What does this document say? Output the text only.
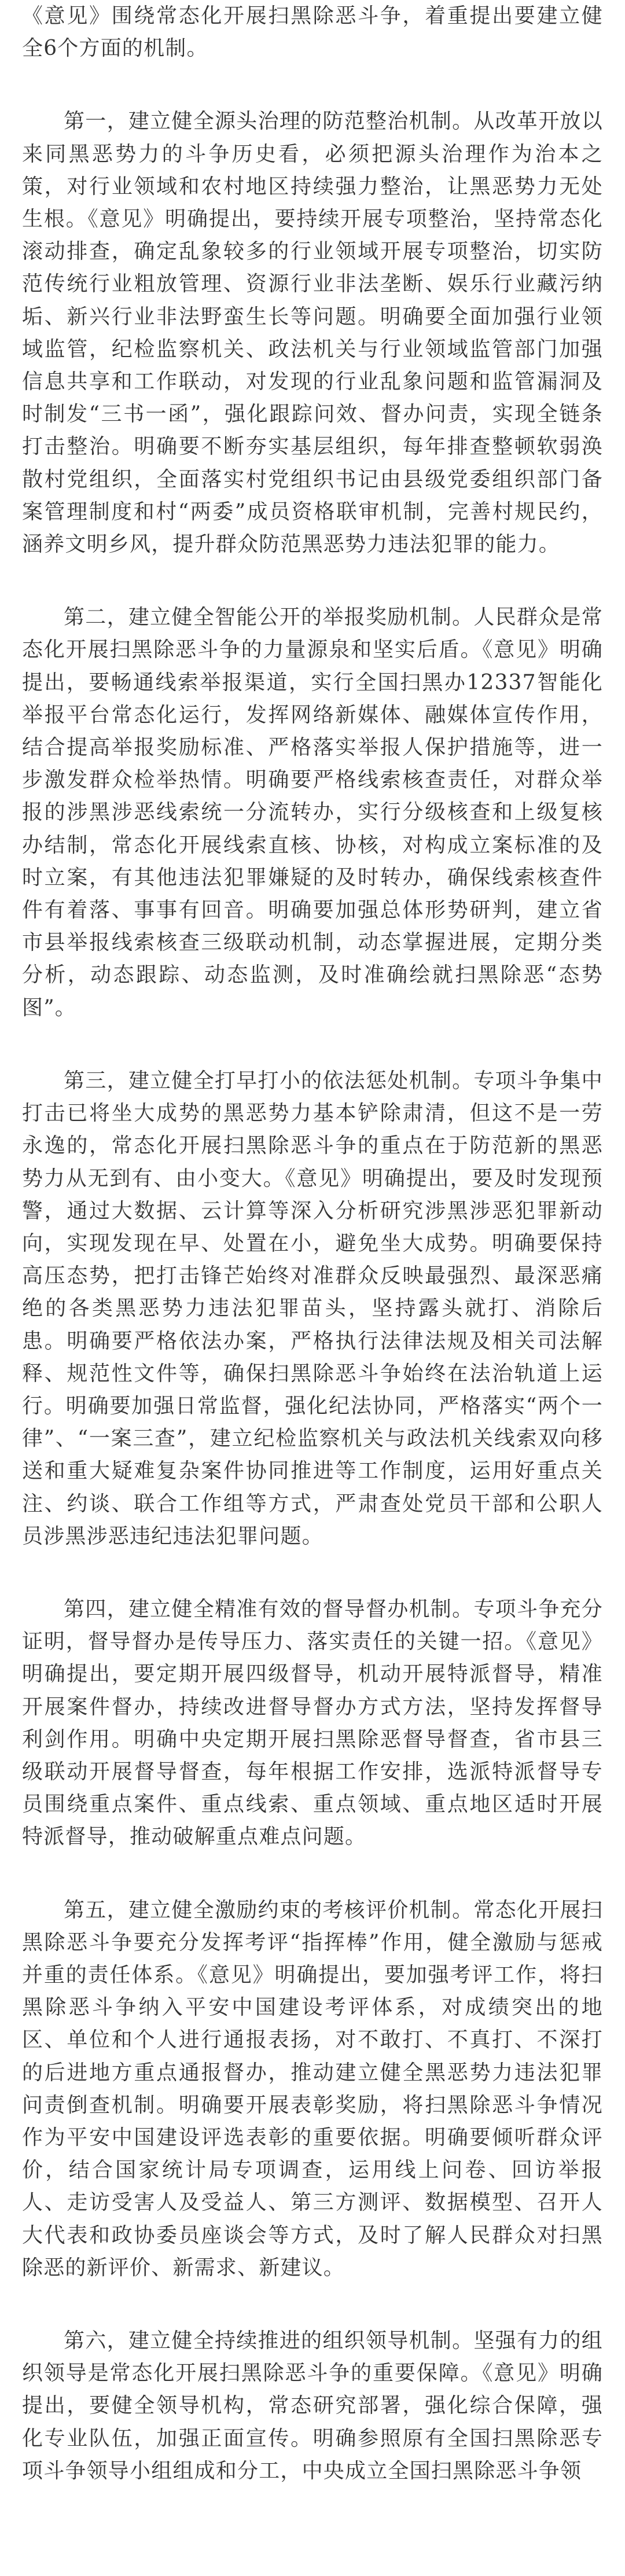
《意见》围绕常态化开展扫黑除恶斗争，着重提出要建立健全6个方面的机制。

第一，建立健全源头治理的防范整治机制。从改革开放以来同黑恶势力的斗争历史看，必须把源头治理作为治本之策，对行业领域和农村地区持续强力整治，让黑恶势力无处生根。《意见》明确提出，要持续开展专项整治，坚持常态化滚动排查，确定乱象较多的行业领域开展专项整治，切实防范传统行业粗放管理、资源行业非法垄断、娱乐行业藏污纳垢、新兴行业非法野蛮生长等问题。明确要全面加强行业领域监管，纪检监察机关、政法机关与行业领域监管部门加强信息共享和工作联动，对发现的行业乱象问题和监管漏洞及时制发“三书一函”，强化跟踪问效、督办问责，实现全链条打击整治。明确要不断夯实基层组织，每年排查整顿软弱涣散村党组织，全面落实村党组织书记由县级党委组织部门备案管理制度和村“两委”成员资格联审机制，完善村规民约，涵养文明乡风，提升群众防范黑恶势力违法犯罪的能力。

第二，建立健全智能公开的举报奖励机制。人民群众是常态化开展扫黑除恶斗争的力量源泉和坚实后盾。《意见》明确提出，要畅通线索举报渠道，实行全国扫黑办12337智能化举报平台常态化运行，发挥网络新媒体、融媒体宣传作用，结合提高举报奖励标准、严格落实举报人保护措施等，进一步激发群众检举热情。明确要严格线索核查责任，对群众举报的涉黑涉恶线索统一分流转办，实行分级核查和上级复核办结制，常态化开展线索直核、协核，对构成立案标准的及时立案，有其他违法犯罪嫌疑的及时转办，确保线索核查件件有着落、事事有回音。明确要加强总体形势研判，建立省市县举报线索核查三级联动机制，动态掌握进展，定期分类分析，动态跟踪、动态监测，及时准确绘就扫黑除恶“态势图”。

第三，建立健全打早打小的依法惩处机制。专项斗争集中打击已将坐大成势的黑恶势力基本铲除肃清，但这不是一劳永逸的，常态化开展扫黑除恶斗争的重点在于防范新的黑恶势力从无到有、由小变大。《意见》明确提出，要及时发现预警，通过大数据、云计算等深入分析研究涉黑涉恶犯罪新动向，实现发现在早、处置在小，避免坐大成势。明确要保持高压态势，把打击锋芒始终对准群众反映最强烈、最深恶痛绝的各类黑恶势力违法犯罪苗头，坚持露头就打、消除后患。明确要严格依法办案，严格执行法律法规及相关司法解释、规范性文件等，确保扫黑除恶斗争始终在法治轨道上运行。明确要加强日常监督，强化纪法协同，严格落实“两个一律”、“一案三查”，建立纪检监察机关与政法机关线索双向移送和重大疑难复杂案件协同推进等工作制度，运用好重点关注、约谈、联合工作组等方式，严肃查处党员干部和公职人员涉黑涉恶违纪违法犯罪问题。

第四，建立健全精准有效的督导督办机制。专项斗争充分证明，督导督办是传导压力、落实责任的关键一招。《意见》明确提出，要定期开展四级督导，机动开展特派督导，精准开展案件督办，持续改进督导督办方式方法，坚持发挥督导利剑作用。明确中央定期开展扫黑除恶督导督查，省市县三级联动开展督导督查，每年根据工作安排，选派特派督导专员围绕重点案件、重点线索、重点领域、重点地区适时开展特派督导，推动破解重点难点问题。

第五，建立健全激励约束的考核评价机制。常态化开展扫黑除恶斗争要充分发挥考评“指挥棒”作用，健全激励与惩戒并重的责任体系。《意见》明确提出，要加强考评工作，将扫黑除恶斗争纳入平安中国建设考评体系，对成绩突出的地区、单位和个人进行通报表扬，对不敢打、不真打、不深打的后进地方重点通报督办，推动建立健全黑恶势力违法犯罪问责倒查机制。明确要开展表彰奖励，将扫黑除恶斗争情况作为平安中国建设评选表彰的重要依据。明确要倾听群众评价，结合国家统计局专项调查，运用线上问卷、回访举报人、走访受害人及受益人、第三方测评、数据模型、召开人大代表和政协委员座谈会等方式，及时了解人民群众对扫黑除恶的新评价、新需求、新建议。

第六，建立健全持续推进的组织领导机制。坚强有力的组织领导是常态化开展扫黑除恶斗争的重要保障。《意见》明确提出，要健全领导机构，常态研究部署，强化综合保障，强化专业队伍，加强正面宣传。明确参照原有全国扫黑除恶专项斗争领导小组组成和分工，中央成立全国扫黑除恶斗争领
